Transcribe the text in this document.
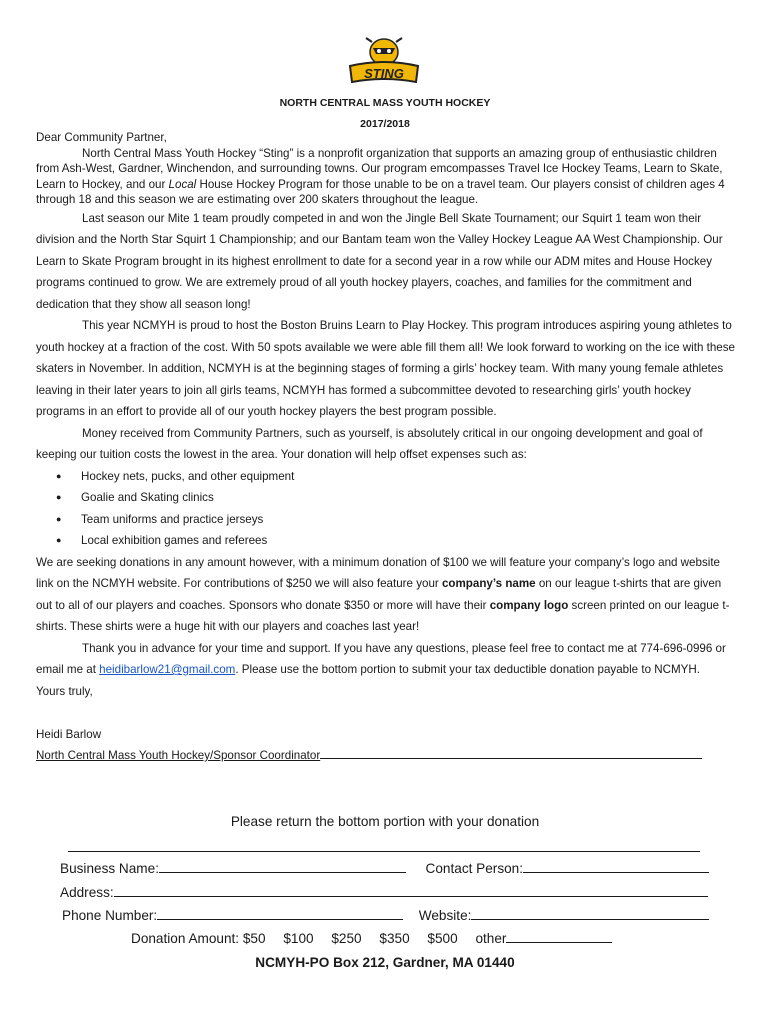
STING
NORTH CENTRAL MASS YOUTH HOCKEY
2017/2018

Dear Community Partner,

North Central Mass Youth Hockey “Sting” is a nonprofit organization that supports an amazing group of enthusiastic children from Ash-West, Gardner, Winchendon, and surrounding towns. Our program emcompasses Travel Ice Hockey Teams, Learn to Skate, Learn to Hockey, and our Local House Hockey Program for those unable to be on a travel team. Our players consist of children ages 4 through 18 and this season we are estimating over 200 skaters throughout the league.

Last season our Mite 1 team proudly competed in and won the Jingle Bell Skate Tournament; our Squirt 1 team won their division and the North Star Squirt 1 Championship; and our Bantam team won the Valley Hockey League AA West Championship. Our Learn to Skate Program brought in its highest enrollment to date for a second year in a row while our ADM mites and House Hockey programs continued to grow. We are extremely proud of all youth hockey players, coaches, and families for the commitment and dedication that they show all season long!

This year NCMYH is proud to host the Boston Bruins Learn to Play Hockey. This program introduces aspiring young athletes to youth hockey at a fraction of the cost. With 50 spots available we were able fill them all! We look forward to working on the ice with these skaters in November. In addition, NCMYH is at the beginning stages of forming a girls’ hockey team. With many young female athletes leaving in their later years to join all girls teams, NCMYH has formed a subcommittee devoted to researching girls’ youth hockey programs in an effort to provide all of our youth hockey players the best program possible.

Money received from Community Partners, such as yourself, is absolutely critical in our ongoing development and goal of keeping our tuition costs the lowest in the area. Your donation will help offset expenses such as:

● Hockey nets, pucks, and other equipment
● Goalie and Skating clinics
● Team uniforms and practice jerseys
● Local exhibition games and referees

We are seeking donations in any amount however, with a minimum donation of $100 we will feature your company’s logo and website link on the NCMYH website. For contributions of $250 we will also feature your company’s name on our league t-shirts that are given out to all of our players and coaches. Sponsors who donate $350 or more will have their company logo screen printed on our league t-shirts. These shirts were a huge hit with our players and coaches last year!

Thank you in advance for your time and support. If you have any questions, please feel free to contact me at 774-696-0996 or email me at heidibarlow21@gmail.com. Please use the bottom portion to submit your tax deductible donation payable to NCMYH.

Yours truly,

Heidi Barlow

North Central Mass Youth Hockey/Sponsor Coordinator

Please return the bottom portion with your donation
Business Name:	Contact Person:
Address:
Phone Number:	Website:
Donation Amount: $50 $100 $250 $350 $500 other
NCMYH-PO Box 212, Gardner, MA 01440
